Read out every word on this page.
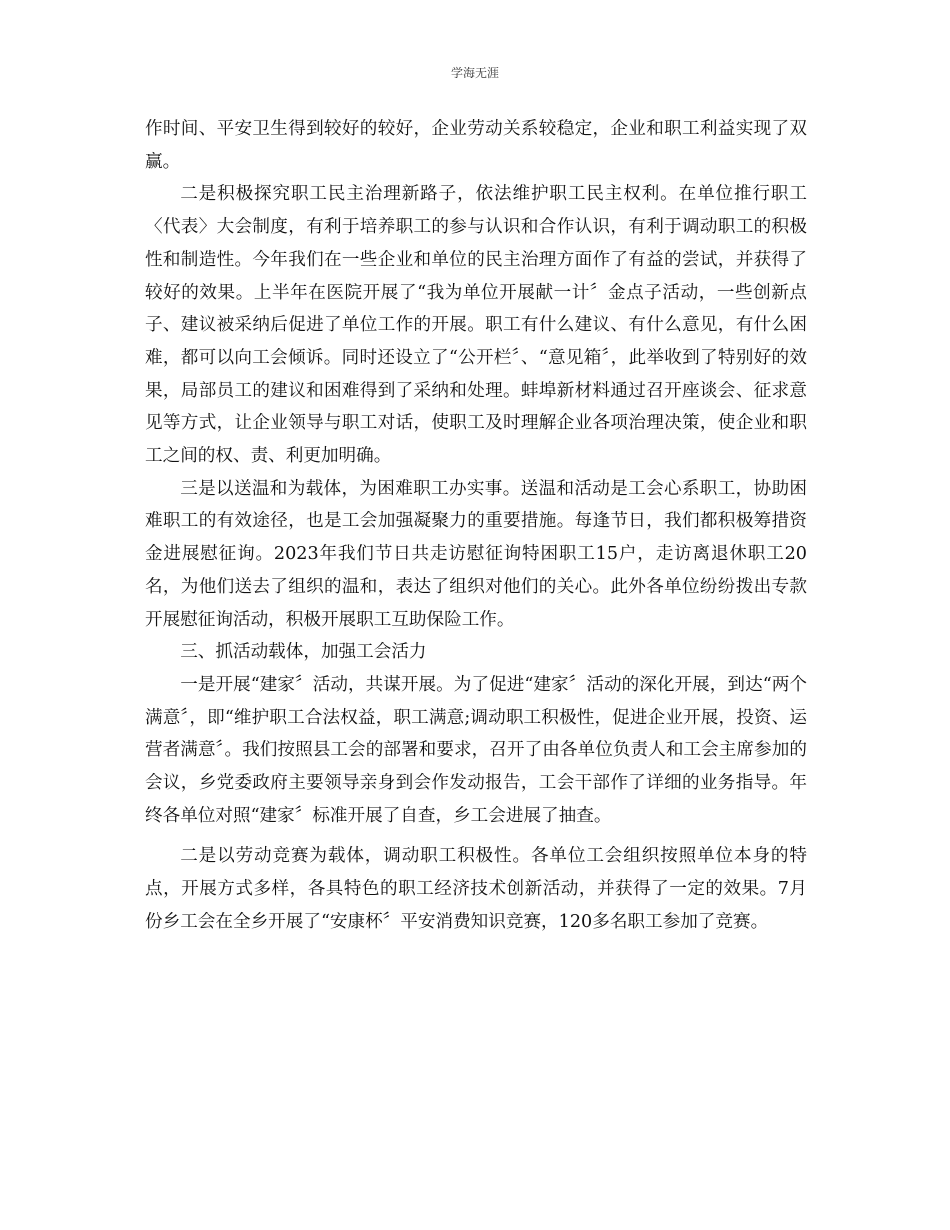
学海无涯

作时间、平安卫生得到较好的较好，企业劳动关系较稳定，企业和职工利益实现了双赢。

二是积极探究职工民主治理新路子，依法维护职工民主权利。在单位推行职工〈代表〉大会制度，有利于培养职工的参与认识和合作认识，有利于调动职工的积极性和制造性。今年我们在一些企业和单位的民主治理方面作了有益的尝试，并获得了较好的效果。上半年在医院开展了“我为单位开展献一计〞金点子活动，一些创新点子、建议被采纳后促进了单位工作的开展。职工有什么建议、有什么意见，有什么困难，都可以向工会倾诉。同时还设立了“公开栏〞、“意见箱〞，此举收到了特别好的效果，局部员工的建议和困难得到了采纳和处理。蚌埠新材料通过召开座谈会、征求意见等方式，让企业领导与职工对话，使职工及时理解企业各项治理决策，使企业和职工之间的权、责、利更加明确。

三是以送温和为载体，为困难职工办实事。送温和活动是工会心系职工，协助困难职工的有效途径，也是工会加强凝聚力的重要措施。每逢节日，我们都积极筹措资金进展慰征询。2023年我们节日共走访慰征询特困职工15户，走访离退休职工20名，为他们送去了组织的温和，表达了组织对他们的关心。此外各单位纷纷拨出专款开展慰征询活动，积极开展职工互助保险工作。

三、抓活动载体，加强工会活力

一是开展“建家〞活动，共谋开展。为了促进“建家〞活动的深化开展，到达“两个满意〞，即“维护职工合法权益，职工满意;调动职工积极性，促进企业开展，投资、运营者满意〞。我们按照县工会的部署和要求，召开了由各单位负责人和工会主席参加的会议，乡党委政府主要领导亲身到会作发动报告，工会干部作了详细的业务指导。年终各单位对照“建家〞标准开展了自查，乡工会进展了抽查。

二是以劳动竞赛为载体，调动职工积极性。各单位工会组织按照单位本身的特点，开展方式多样，各具特色的职工经济技术创新活动，并获得了一定的效果。7月份乡工会在全乡开展了“安康杯〞平安消费知识竞赛，120多名职工参加了竞赛。
